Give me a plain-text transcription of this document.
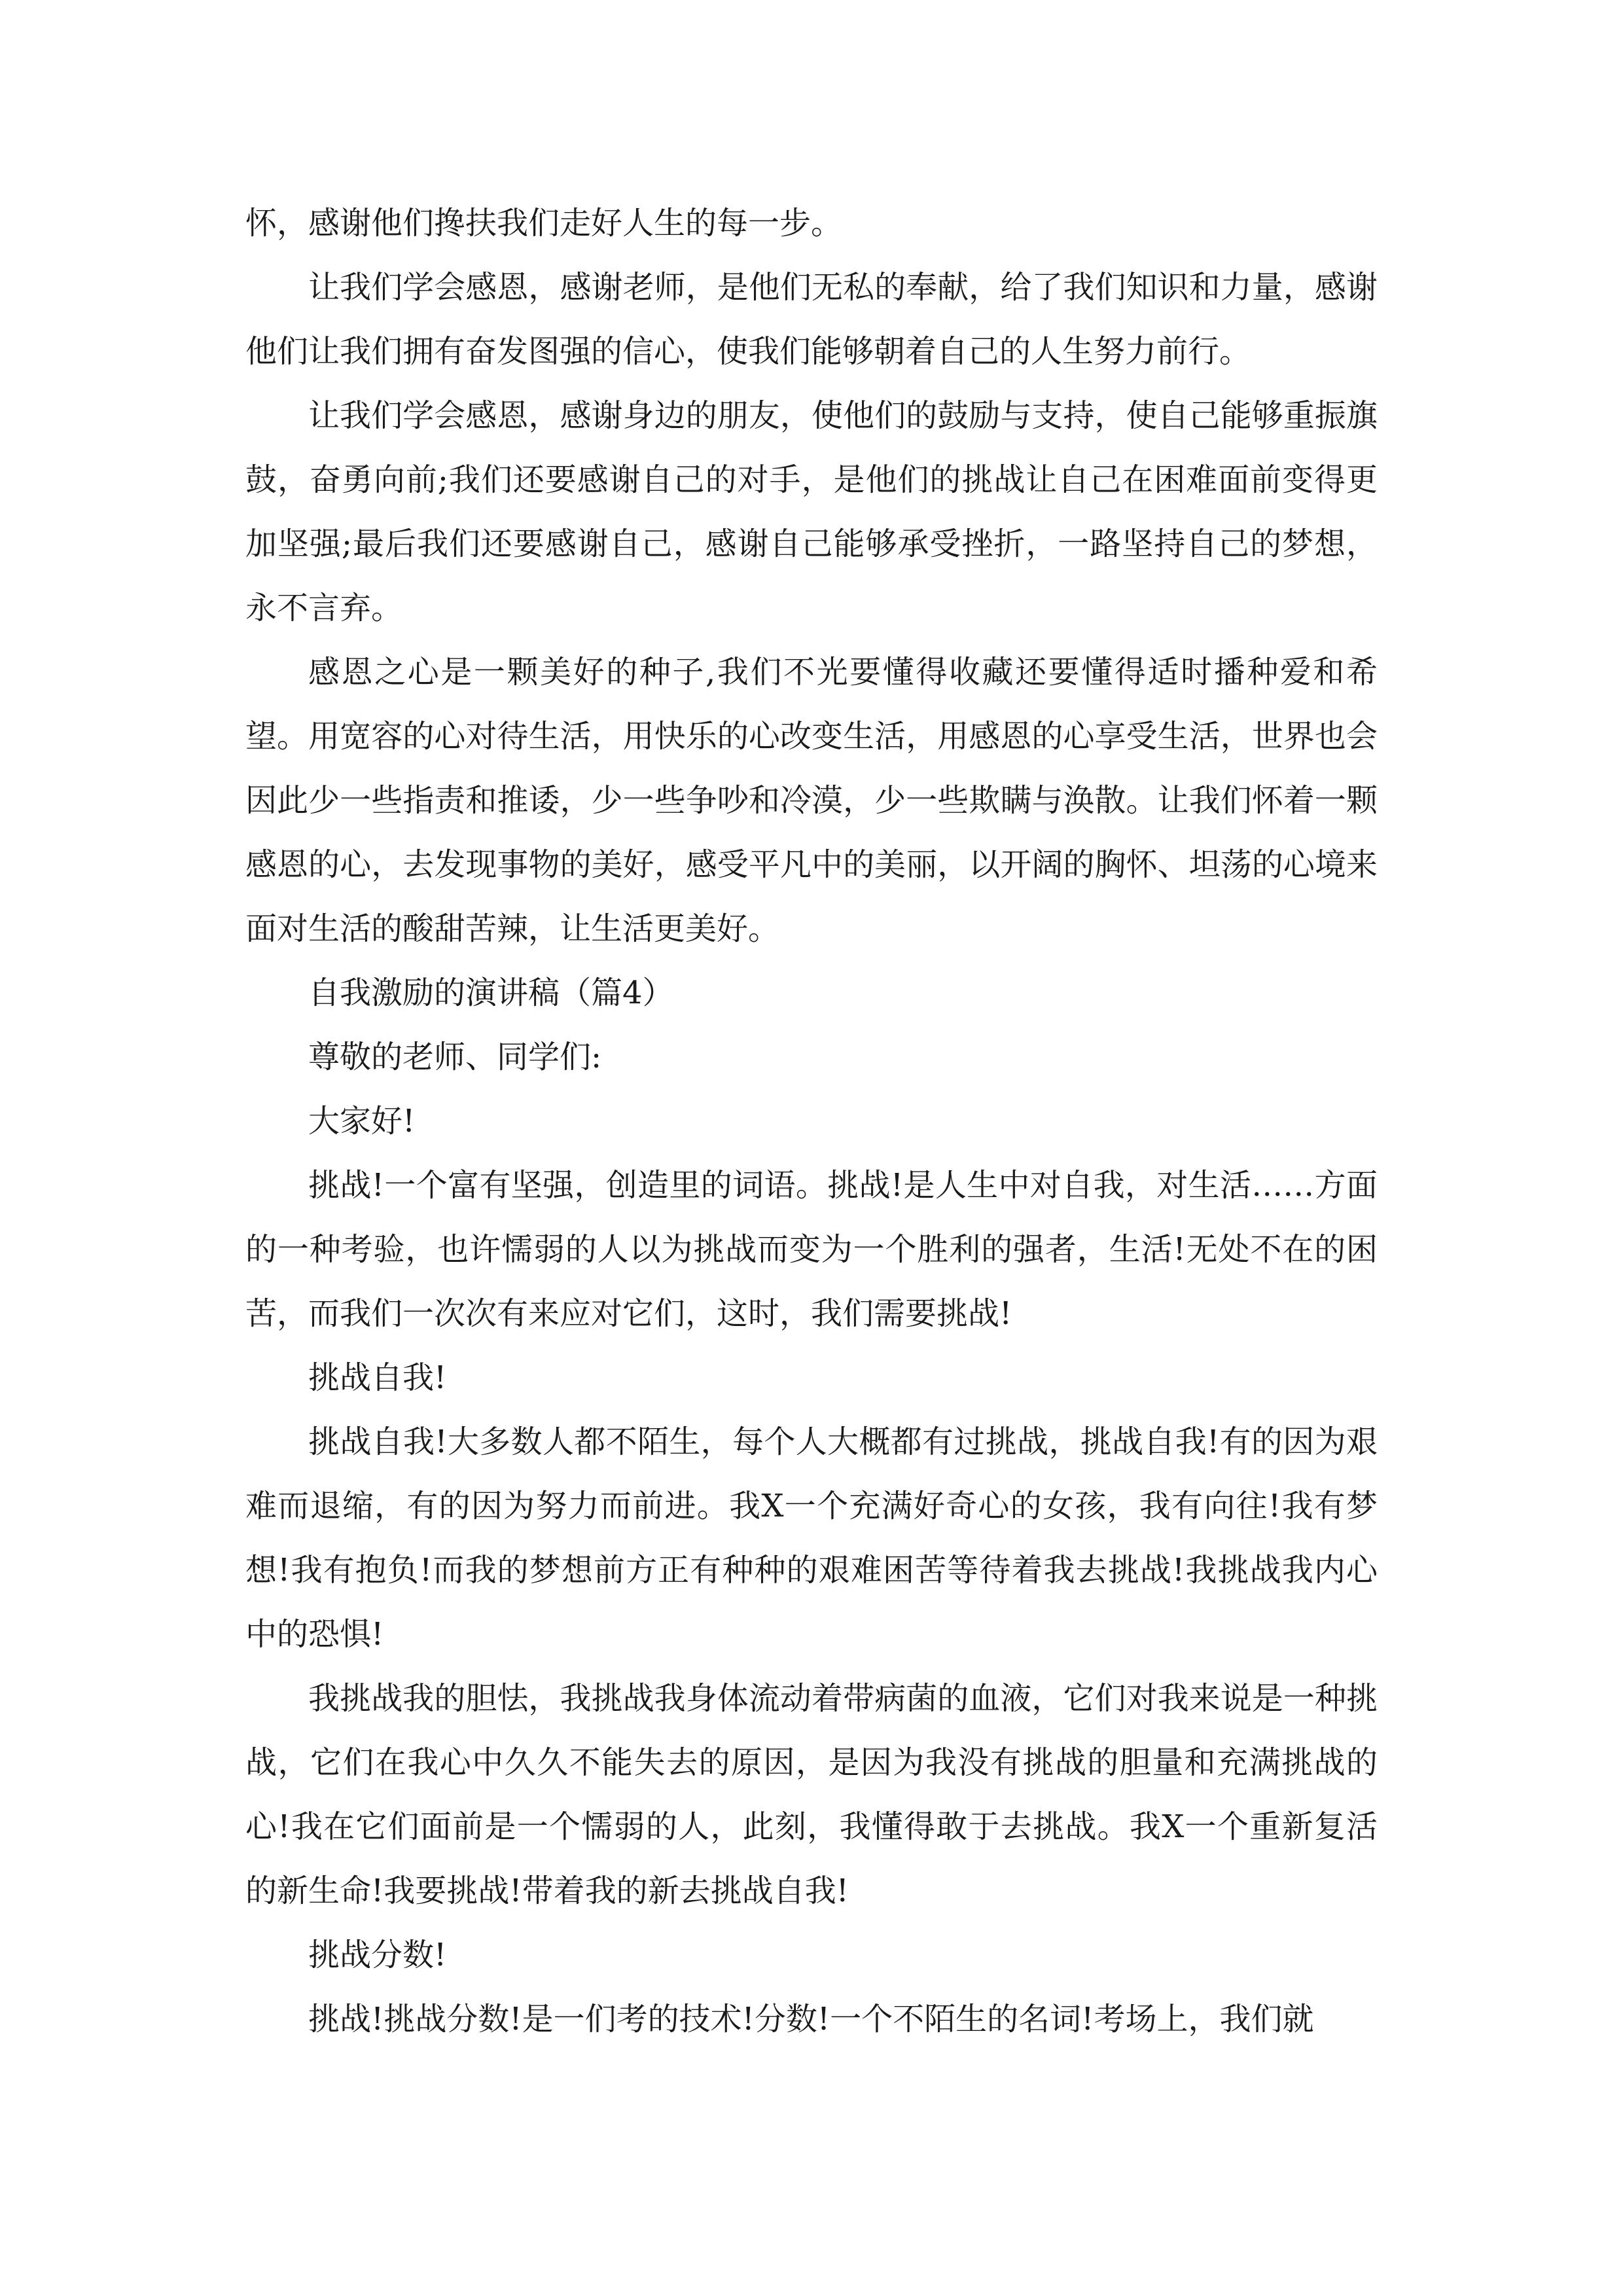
怀，感谢他们搀扶我们走好人生的每一步。

让我们学会感恩，感谢老师，是他们无私的奉献，给了我们知识和力量，感谢他们让我们拥有奋发图强的信心，使我们能够朝着自己的人生努力前行。

让我们学会感恩，感谢身边的朋友，使他们的鼓励与支持，使自己能够重振旗鼓，奋勇向前;我们还要感谢自己的对手，是他们的挑战让自己在困难面前变得更加坚强;最后我们还要感谢自己，感谢自己能够承受挫折，一路坚持自己的梦想，永不言弃。

感恩之心是一颗美好的种子,我们不光要懂得收藏还要懂得适时播种爱和希望。用宽容的心对待生活，用快乐的心改变生活，用感恩的心享受生活，世界也会因此少一些指责和推诿，少一些争吵和冷漠，少一些欺瞒与涣散。让我们怀着一颗感恩的心，去发现事物的美好，感受平凡中的美丽，以开阔的胸怀、坦荡的心境来面对生活的酸甜苦辣，让生活更美好。

自我激励的演讲稿（篇4）

尊敬的老师、同学们:

大家好!

挑战!一个富有坚强，创造里的词语。挑战!是人生中对自我，对生活……方面的一种考验，也许懦弱的人以为挑战而变为一个胜利的强者，生活!无处不在的困苦，而我们一次次有来应对它们，这时，我们需要挑战!

挑战自我!

挑战自我!大多数人都不陌生，每个人大概都有过挑战，挑战自我!有的因为艰难而退缩，有的因为努力而前进。我X一个充满好奇心的女孩，我有向往!我有梦想!我有抱负!而我的梦想前方正有种种的艰难困苦等待着我去挑战!我挑战我内心中的恐惧!

我挑战我的胆怯，我挑战我身体流动着带病菌的血液，它们对我来说是一种挑战，它们在我心中久久不能失去的原因，是因为我没有挑战的胆量和充满挑战的心!我在它们面前是一个懦弱的人，此刻，我懂得敢于去挑战。我X一个重新复活的新生命!我要挑战!带着我的新去挑战自我!

挑战分数!

挑战!挑战分数!是一们考的技术!分数!一个不陌生的名词!考场上，我们就
